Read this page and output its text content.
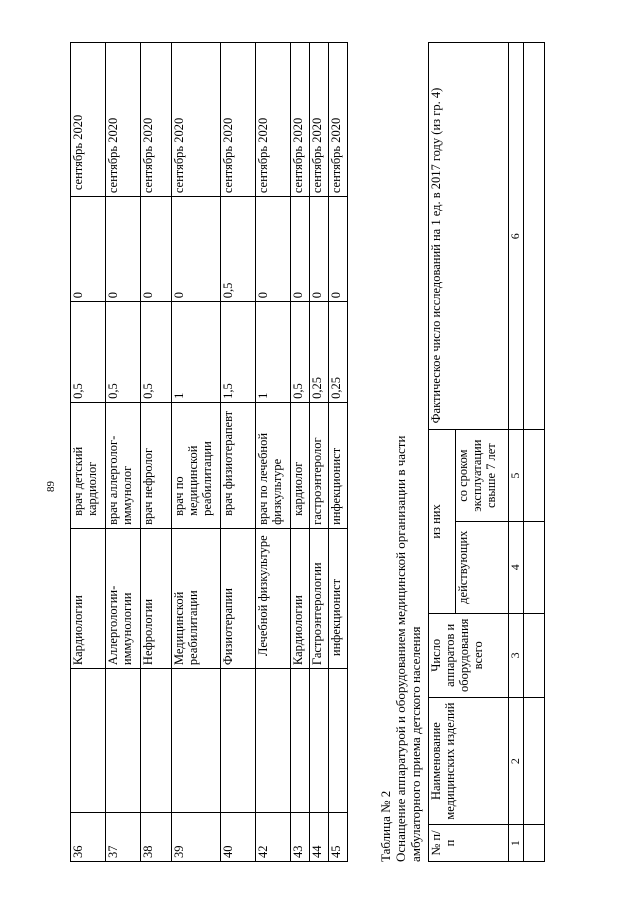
89
36		Кардиологии	врач детский кардиолог	0,5	0	сентябрь 2020
37		Аллергологии-иммунологии	врач аллерголог-иммунолог	0,5	0	сентябрь 2020
38		Нефрологии	врач нефролог	0,5	0	сентябрь 2020
39		Медицинской реабилитации	врач по медицинской реабилитации	1	0	сентябрь 2020
40		Физиотерапии	врач физиотерапевт	1,5	0,5	сентябрь 2020
42		Лечебной физкультуре	врач по лечебной физкультуре	1	0	сентябрь 2020
43		Кардиологии	кардиолог	0,5	0	сентябрь 2020
44		Гастроэнтерологии	гастроэнтеролог	0,25	0	сентябрь 2020
45		инфекционист	инфекционист	0,25	0	сентябрь 2020
Таблица № 2 Оснащение аппаратурой и оборудованием медицинской организации в части амбулаторного приема детского населения № п/п	Наименование медицинских изделий	Число аппаратов и оборудования всего	из них		Фактическое число исследований на 1 ед. в 2017 году (из гр. 4)
			действующих	со сроком эксплуатации свыше 7 лет	
1	2	3	4	5	6
